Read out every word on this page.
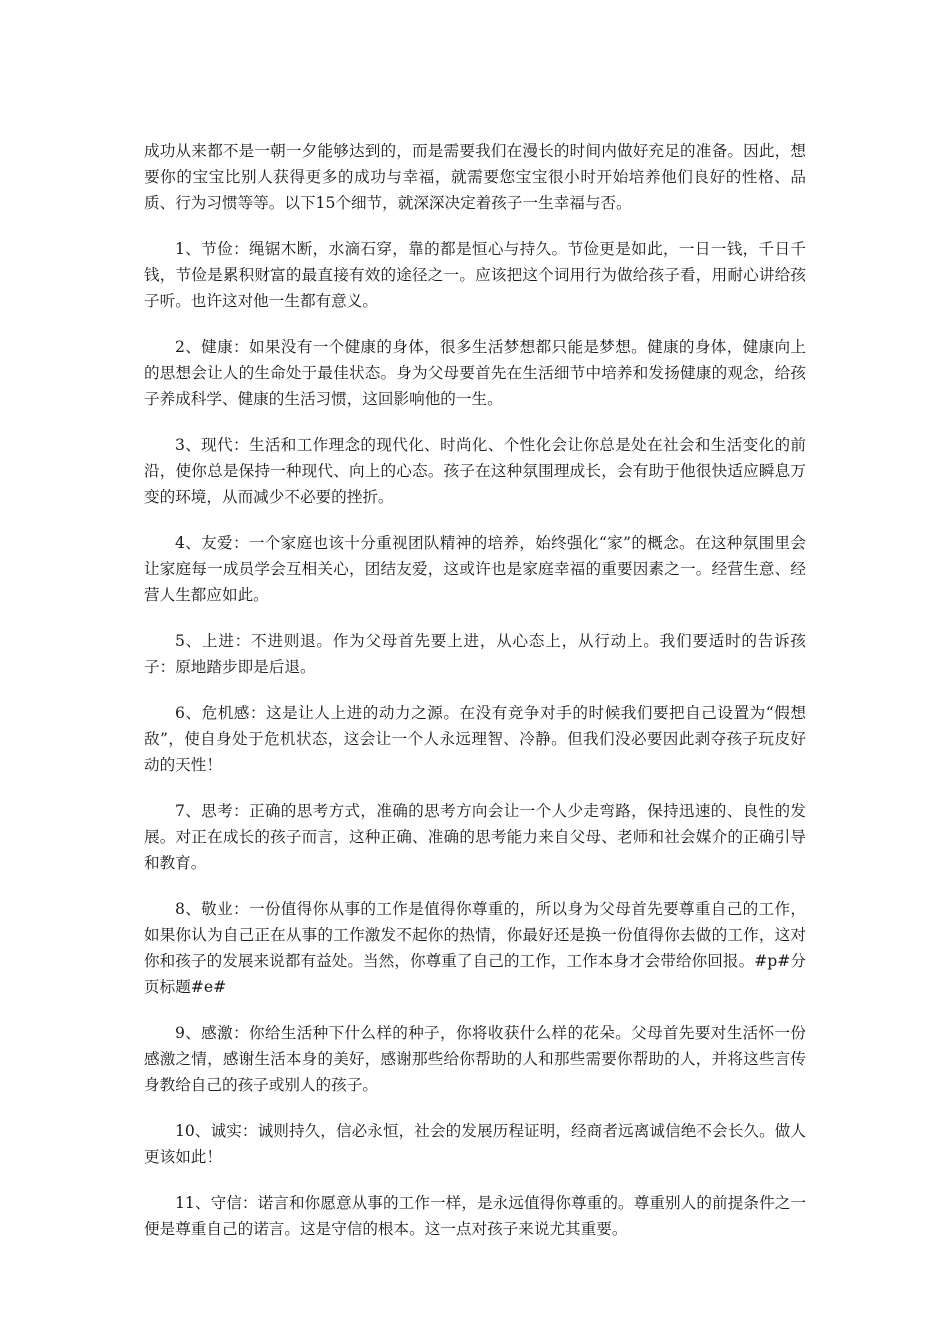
成功从来都不是一朝一夕能够达到的，而是需要我们在漫长的时间内做好充足的准备。因此，想要你的宝宝比别人获得更多的成功与幸福，就需要您宝宝很小时开始培养他们良好的性格、品质、行为习惯等等。以下15个细节，就深深决定着孩子一生幸福与否。

1、节俭：绳锯木断，水滴石穿，靠的都是恒心与持久。节俭更是如此，一日一钱，千日千钱，节俭是累积财富的最直接有效的途径之一。应该把这个词用行为做给孩子看，用耐心讲给孩子听。也许这对他一生都有意义。

2、健康：如果没有一个健康的身体，很多生活梦想都只能是梦想。健康的身体，健康向上的思想会让人的生命处于最佳状态。身为父母要首先在生活细节中培养和发扬健康的观念，给孩子养成科学、健康的生活习惯，这回影响他的一生。

3、现代：生活和工作理念的现代化、时尚化、个性化会让你总是处在社会和生活变化的前沿，使你总是保持一种现代、向上的心态。孩子在这种氛围理成长，会有助于他很快适应瞬息万变的环境，从而减少不必要的挫折。

4、友爱：一个家庭也该十分重视团队精神的培养，始终强化“家”的概念。在这种氛围里会让家庭每一成员学会互相关心，团结友爱，这或许也是家庭幸福的重要因素之一。经营生意、经营人生都应如此。

5、上进：不进则退。作为父母首先要上进，从心态上，从行动上。我们要适时的告诉孩子：原地踏步即是后退。

6、危机感：这是让人上进的动力之源。在没有竞争对手的时候我们要把自己设置为“假想敌”，使自身处于危机状态，这会让一个人永远理智、冷静。但我们没必要因此剥夺孩子玩皮好动的天性！

7、思考：正确的思考方式，准确的思考方向会让一个人少走弯路，保持迅速的、良性的发展。对正在成长的孩子而言，这种正确、准确的思考能力来自父母、老师和社会媒介的正确引导和教育。

8、敬业：一份值得你从事的工作是值得你尊重的，所以身为父母首先要尊重自己的工作，如果你认为自己正在从事的工作激发不起你的热情，你最好还是换一份值得你去做的工作，这对你和孩子的发展来说都有益处。当然，你尊重了自己的工作，工作本身才会带给你回报。#p#分页标题#e#

9、感激：你给生活种下什么样的种子，你将收获什么样的花朵。父母首先要对生活怀一份感激之情，感谢生活本身的美好，感谢那些给你帮助的人和那些需要你帮助的人，并将这些言传身教给自己的孩子或别人的孩子。

10、诚实：诚则持久，信必永恒，社会的发展历程证明，经商者远离诚信绝不会长久。做人更该如此！

11、守信：诺言和你愿意从事的工作一样，是永远值得你尊重的。尊重别人的前提条件之一便是尊重自己的诺言。这是守信的根本。这一点对孩子来说尤其重要。
